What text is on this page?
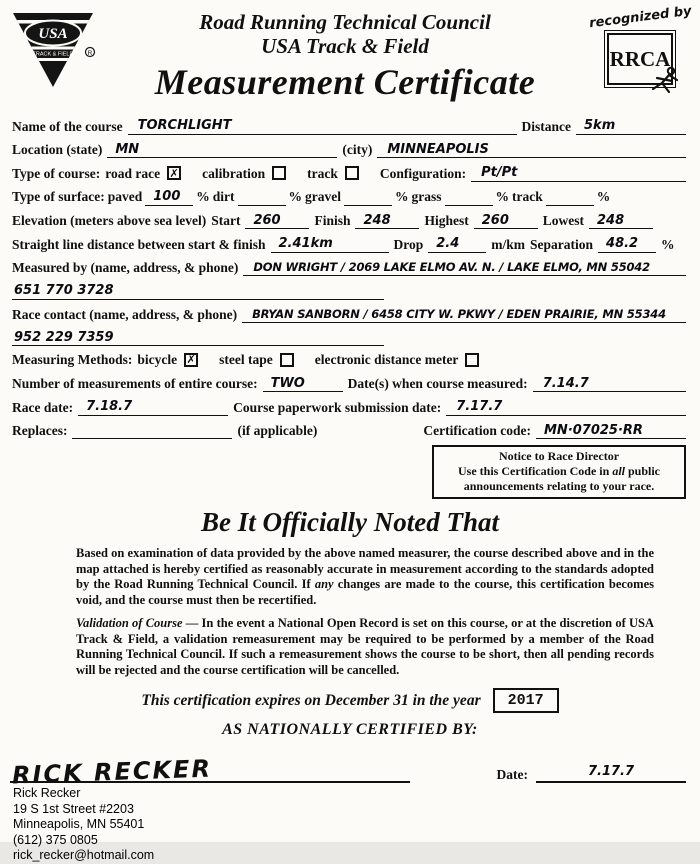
USA
TRACK & FIELD R
Road Running Technical Council
USA Track & Field
Measurement Certificate
recognized by
RRCA
Name of the course	TORCHLIGHT	Distance	5km
Location (state)	MN	(city)	MINNEAPOLIS
Type of course: road race ✗ calibration	track	Configuration:	Pt/Pt
Type of surface: paved 100	% dirt	% gravel	% grass	% track	%
Elevation (meters above sea level) Start	260	Finish	248	Highest	260	Lowest	248
Straight line distance between start & finish	2.41km	Drop	2.4	m/km Separation	48.2	%
Measured by (name, address, & phone)	DON WRIGHT / 2069 LAKE ELMO AV. N. / LAKE ELMO, MN 55042
651 770 3728
Race contact (name, address, & phone)	BRYAN SANBORN / 6458 CITY W. PKWY / EDEN PRAIRIE, MN 55344
952 229 7359
Measuring Methods: bicycle ✗ steel tape	electronic distance meter
Number of measurements of entire course:	TWO	Date(s) when course measured:	7.14.7
Race date:	7.18.7	Course paperwork submission date:	7.17.7
Replaces:	(if applicable)	Certification code:	MN·07025·RR
Notice to Race Director
Use this Certification Code in all public announcements relating to your race.
Be It Officially Noted That

Based on examination of data provided by the above named measurer, the course described above and in the map attached is hereby certified as reasonably accurate in measurement according to the standards adopted by the Road Running Technical Council. If any changes are made to the course, this certification becomes void, and the course must then be recertified.

Validation of Course — In the event a National Open Record is set on this course, or at the discretion of USA Track & Field, a validation remeasurement may be required to be performed by a member of the Road Running Technical Council. If such a remeasurement shows the course to be short, then all pending records will be rejected and the course certification will be cancelled.

This certification expires on December 31 in the year	2017
AS NATIONALLY CERTIFIED BY:
RICK RECKER	Date:	7.17.7
Rick Recker
19 S 1st Street #2203
Minneapolis, MN 55401
(612) 375 0805
rick_recker@hotmail.com
